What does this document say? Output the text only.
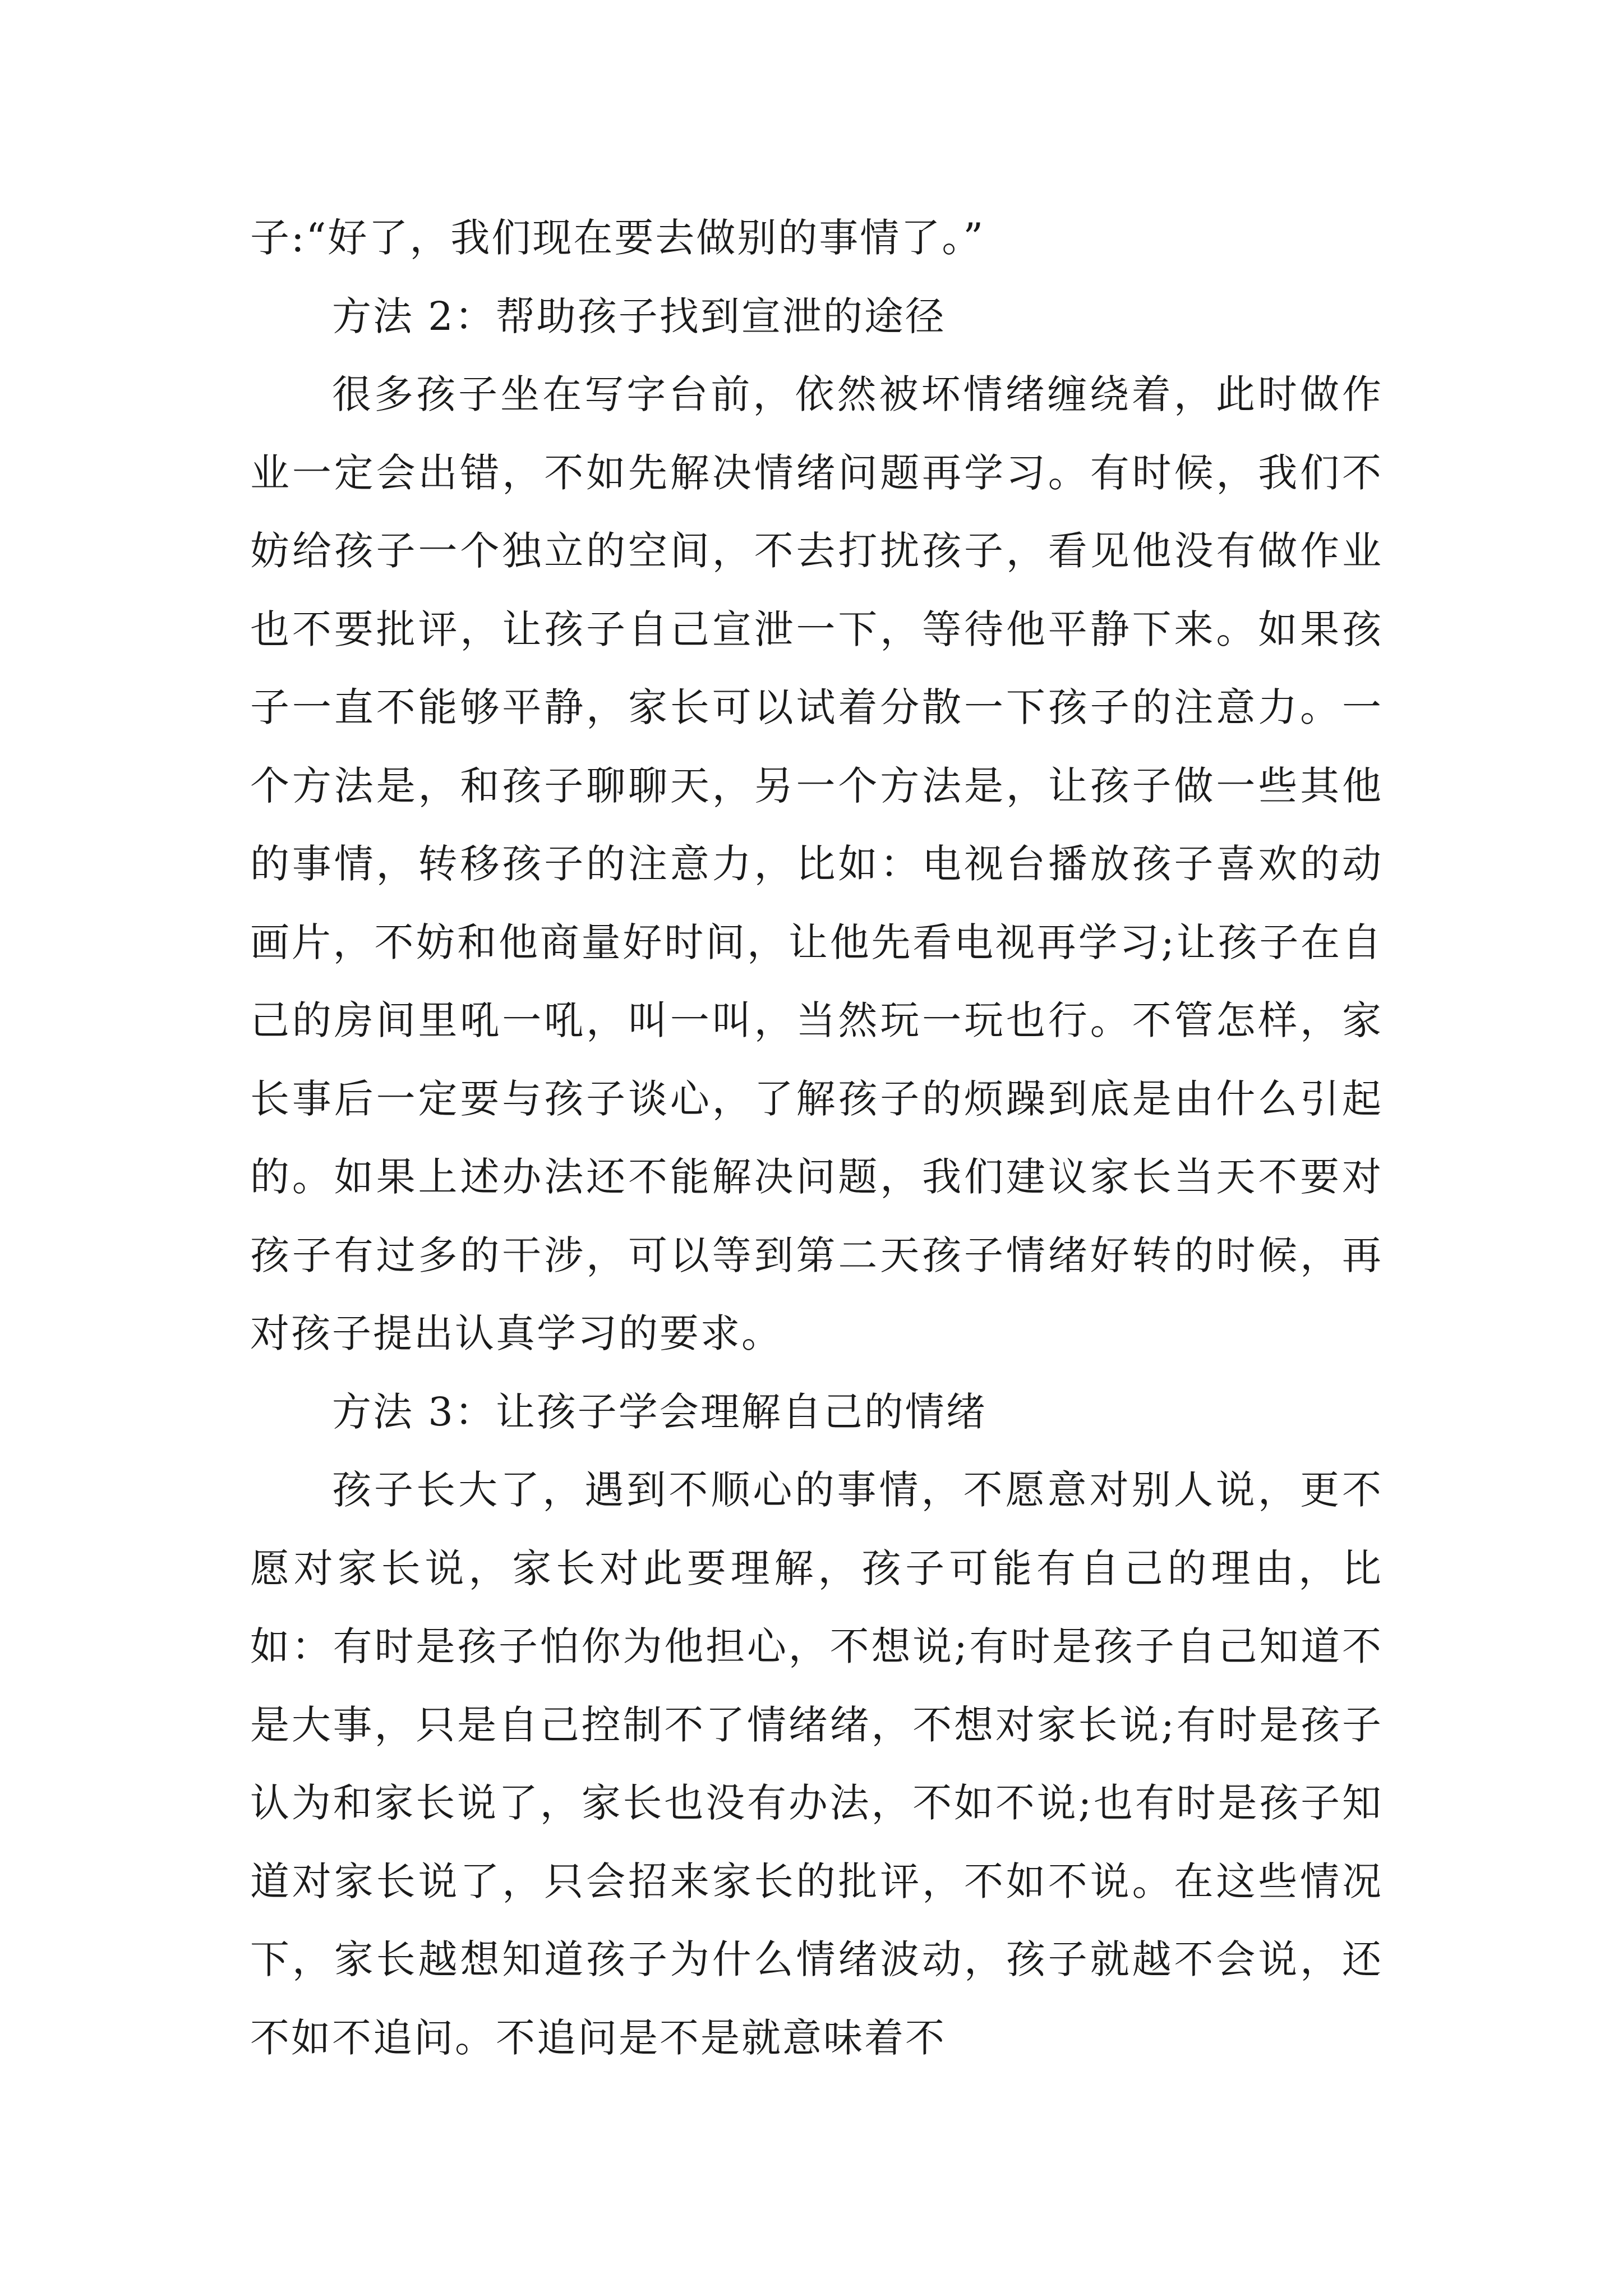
子:“好了，我们现在要去做别的事情了。”

方法 2：帮助孩子找到宣泄的途径

很多孩子坐在写字台前，依然被坏情绪缠绕着，此时做作业一定会出错，不如先解决情绪问题再学习。有时候，我们不妨给孩子一个独立的空间，不去打扰孩子，看见他没有做作业也不要批评，让孩子自己宣泄一下，等待他平静下来。如果孩子一直不能够平静，家长可以试着分散一下孩子的注意力。一个方法是，和孩子聊聊天，另一个方法是，让孩子做一些其他的事情，转移孩子的注意力，比如：电视台播放孩子喜欢的动画片，不妨和他商量好时间，让他先看电视再学习;让孩子在自己的房间里吼一吼，叫一叫，当然玩一玩也行。不管怎样，家长事后一定要与孩子谈心，了解孩子的烦躁到底是由什么引起的。如果上述办法还不能解决问题，我们建议家长当天不要对孩子有过多的干涉，可以等到第二天孩子情绪好转的时候，再对孩子提出认真学习的要求。

方法 3：让孩子学会理解自己的情绪

孩子长大了，遇到不顺心的事情，不愿意对别人说，更不愿对家长说，家长对此要理解，孩子可能有自己的理由，比如：有时是孩子怕你为他担心，不想说;有时是孩子自己知道不是大事，只是自己控制不了情绪绪，不想对家长说;有时是孩子认为和家长说了，家长也没有办法，不如不说;也有时是孩子知道对家长说了，只会招来家长的批评，不如不说。在这些情况下，家长越想知道孩子为什么情绪波动，孩子就越不会说，还不如不追问。不追问是不是就意味着不
